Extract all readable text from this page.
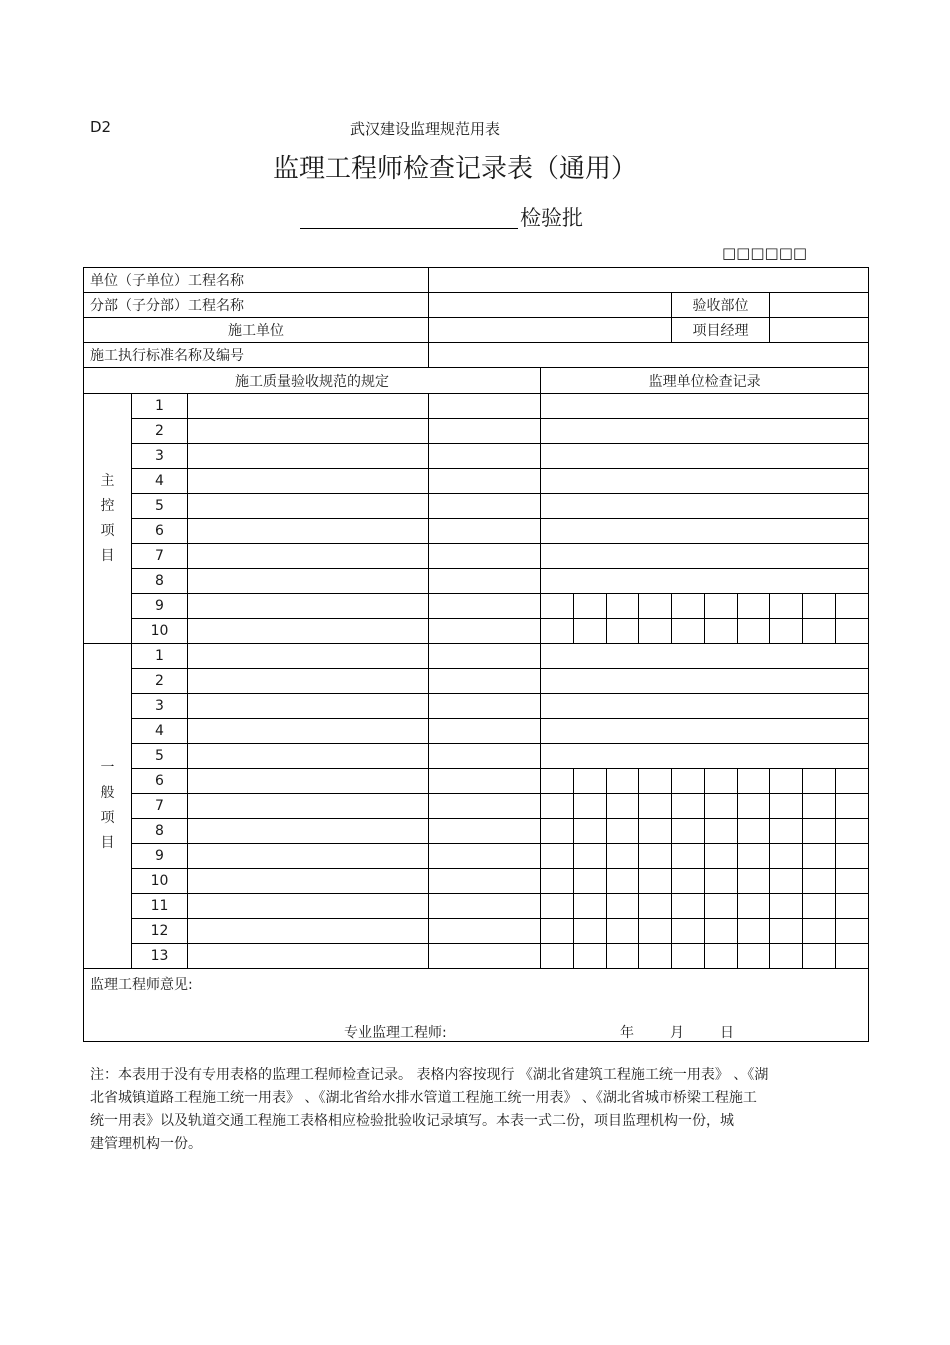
D2	武汉建设监理规范用表
监理工程师检查记录表（通用）
检验批
□□□□□□
单位（子单位）工程名称													
分部（子分部）工程名称								验收部位					
施工单位								项目经理					
施工执行标准名称及编号													
施工质量验收规范的规定				监理单位检查记录									
主
控
项
目	1												
	2												
	3												
	4												
	5												
	6												
	7												
	8												
	9												
	10												
一
般
项
目	1												
	2												
	3												
	4												
	5												
	6												
	7												
	8												
	9												
	10												
	11												
	12												
	13												

监理工程师意见:
专业监理工程师: 年 月 日													
注：本表用于没有专用表格的监理工程师检查记录。 表格内容按现行 《湖北省建筑工程施工统一用表》 、《湖
北省城镇道路工程施工统一用表》 、《湖北省给水排水管道工程施工统一用表》 、《湖北省城市桥梁工程施工
统一用表》以及轨道交通工程施工表格相应检验批验收记录填写。本表一式二份，项目监理机构一份，城
建管理机构一份。
